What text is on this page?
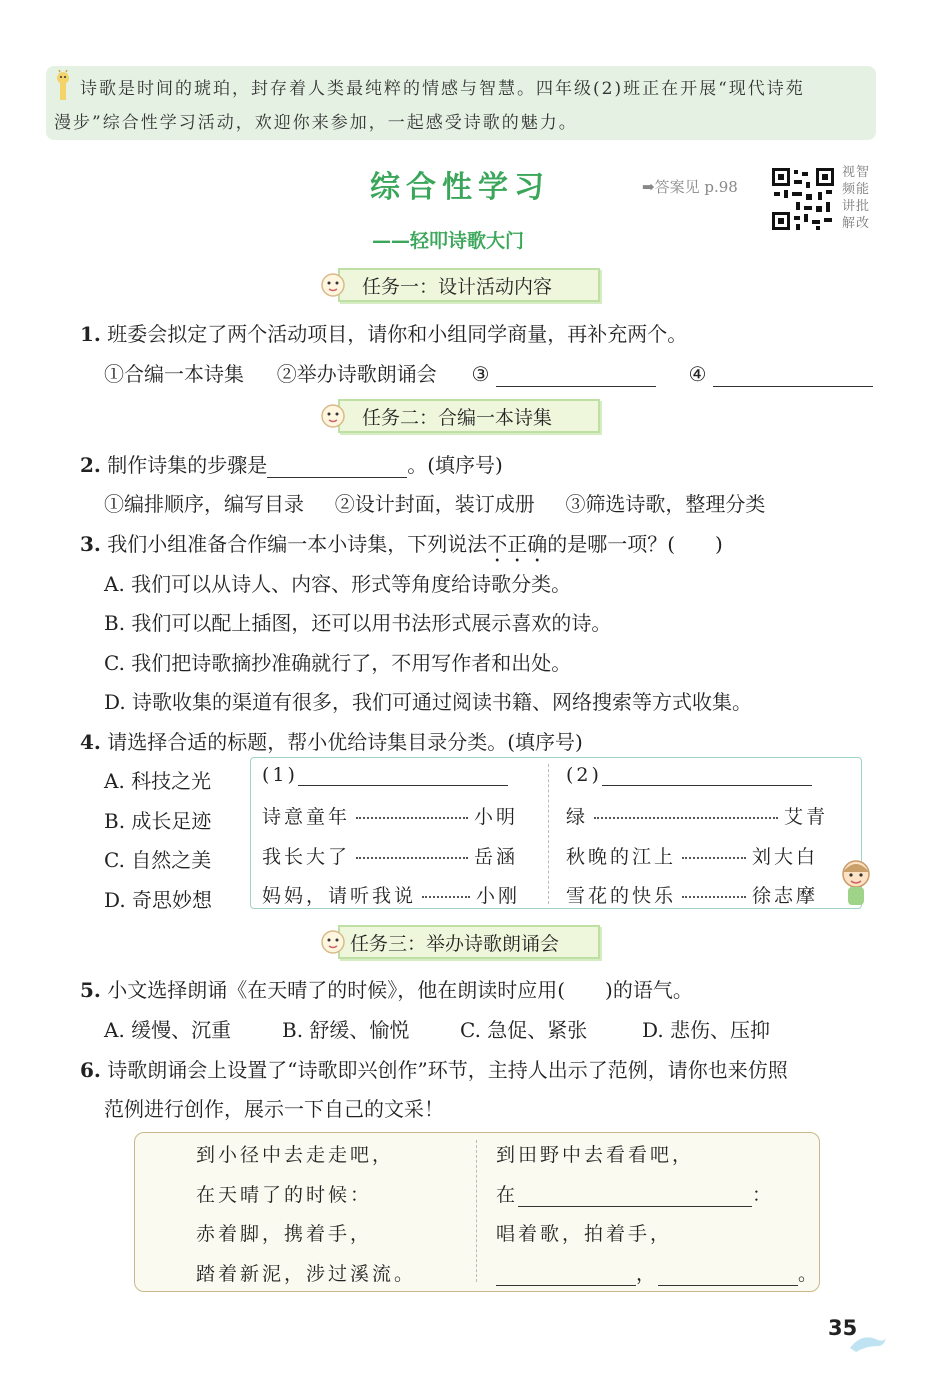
诗歌是时间的琥珀，封存着人类最纯粹的情感与智慧。四年级(2)班正在开展“现代诗苑
漫步”综合性学习活动，欢迎你来参加，一起感受诗歌的魅力。
综合性学习
——轻叩诗歌大门
➡答案见 p.98
视智
频能
讲批
解改
任务一：设计活动内容
1. 班委会拟定了两个活动项目，请你和小组同学商量，再补充两个。
①合编一本诗集 ②举办诗歌朗诵会 ③	④
任务二：合编一本诗集
2. 制作诗集的步骤是	。(填序号)
①编排顺序，编写目录 ②设计封面，装订成册 ③筛选诗歌，整理分类
3. 我们小组准备合作编一本小诗集，下列说法不正确的是哪一项？(　　)
A. 我们可以从诗人、内容、形式等角度给诗歌分类。
B. 我们可以配上插图，还可以用书法形式展示喜欢的诗。
C. 我们把诗歌摘抄准确就行了，不用写作者和出处。
D. 诗歌收集的渠道有很多，我们可通过阅读书籍、网络搜索等方式收集。
4. 请选择合适的标题，帮小优给诗集目录分类。(填序号)
A. 科技之光
B. 成长足迹
C. 自然之美
D. 奇思妙想
(1)	(2)
诗意童年	小明
我长大了	岳涵
妈妈，请听我说	小刚
绿	艾青
秋晚的江上	刘大白
雪花的快乐	徐志摩
任务三：举办诗歌朗诵会
5. 小文选择朗诵《在天晴了的时候》，他在朗读时应用(　　)的语气。
A. 缓慢、沉重	B. 舒缓、愉悦	C. 急促、紧张	D. 悲伤、压抑
6. 诗歌朗诵会上设置了“诗歌即兴创作”环节，主持人出示了范例，请你也来仿照
范例进行创作，展示一下自己的文采！
到小径中去走走吧，
在天晴了的时候：
赤着脚，携着手，
踏着新泥，涉过溪流。
到田野中去看看吧，
在	：
唱着歌，拍着手，
，	。
35
